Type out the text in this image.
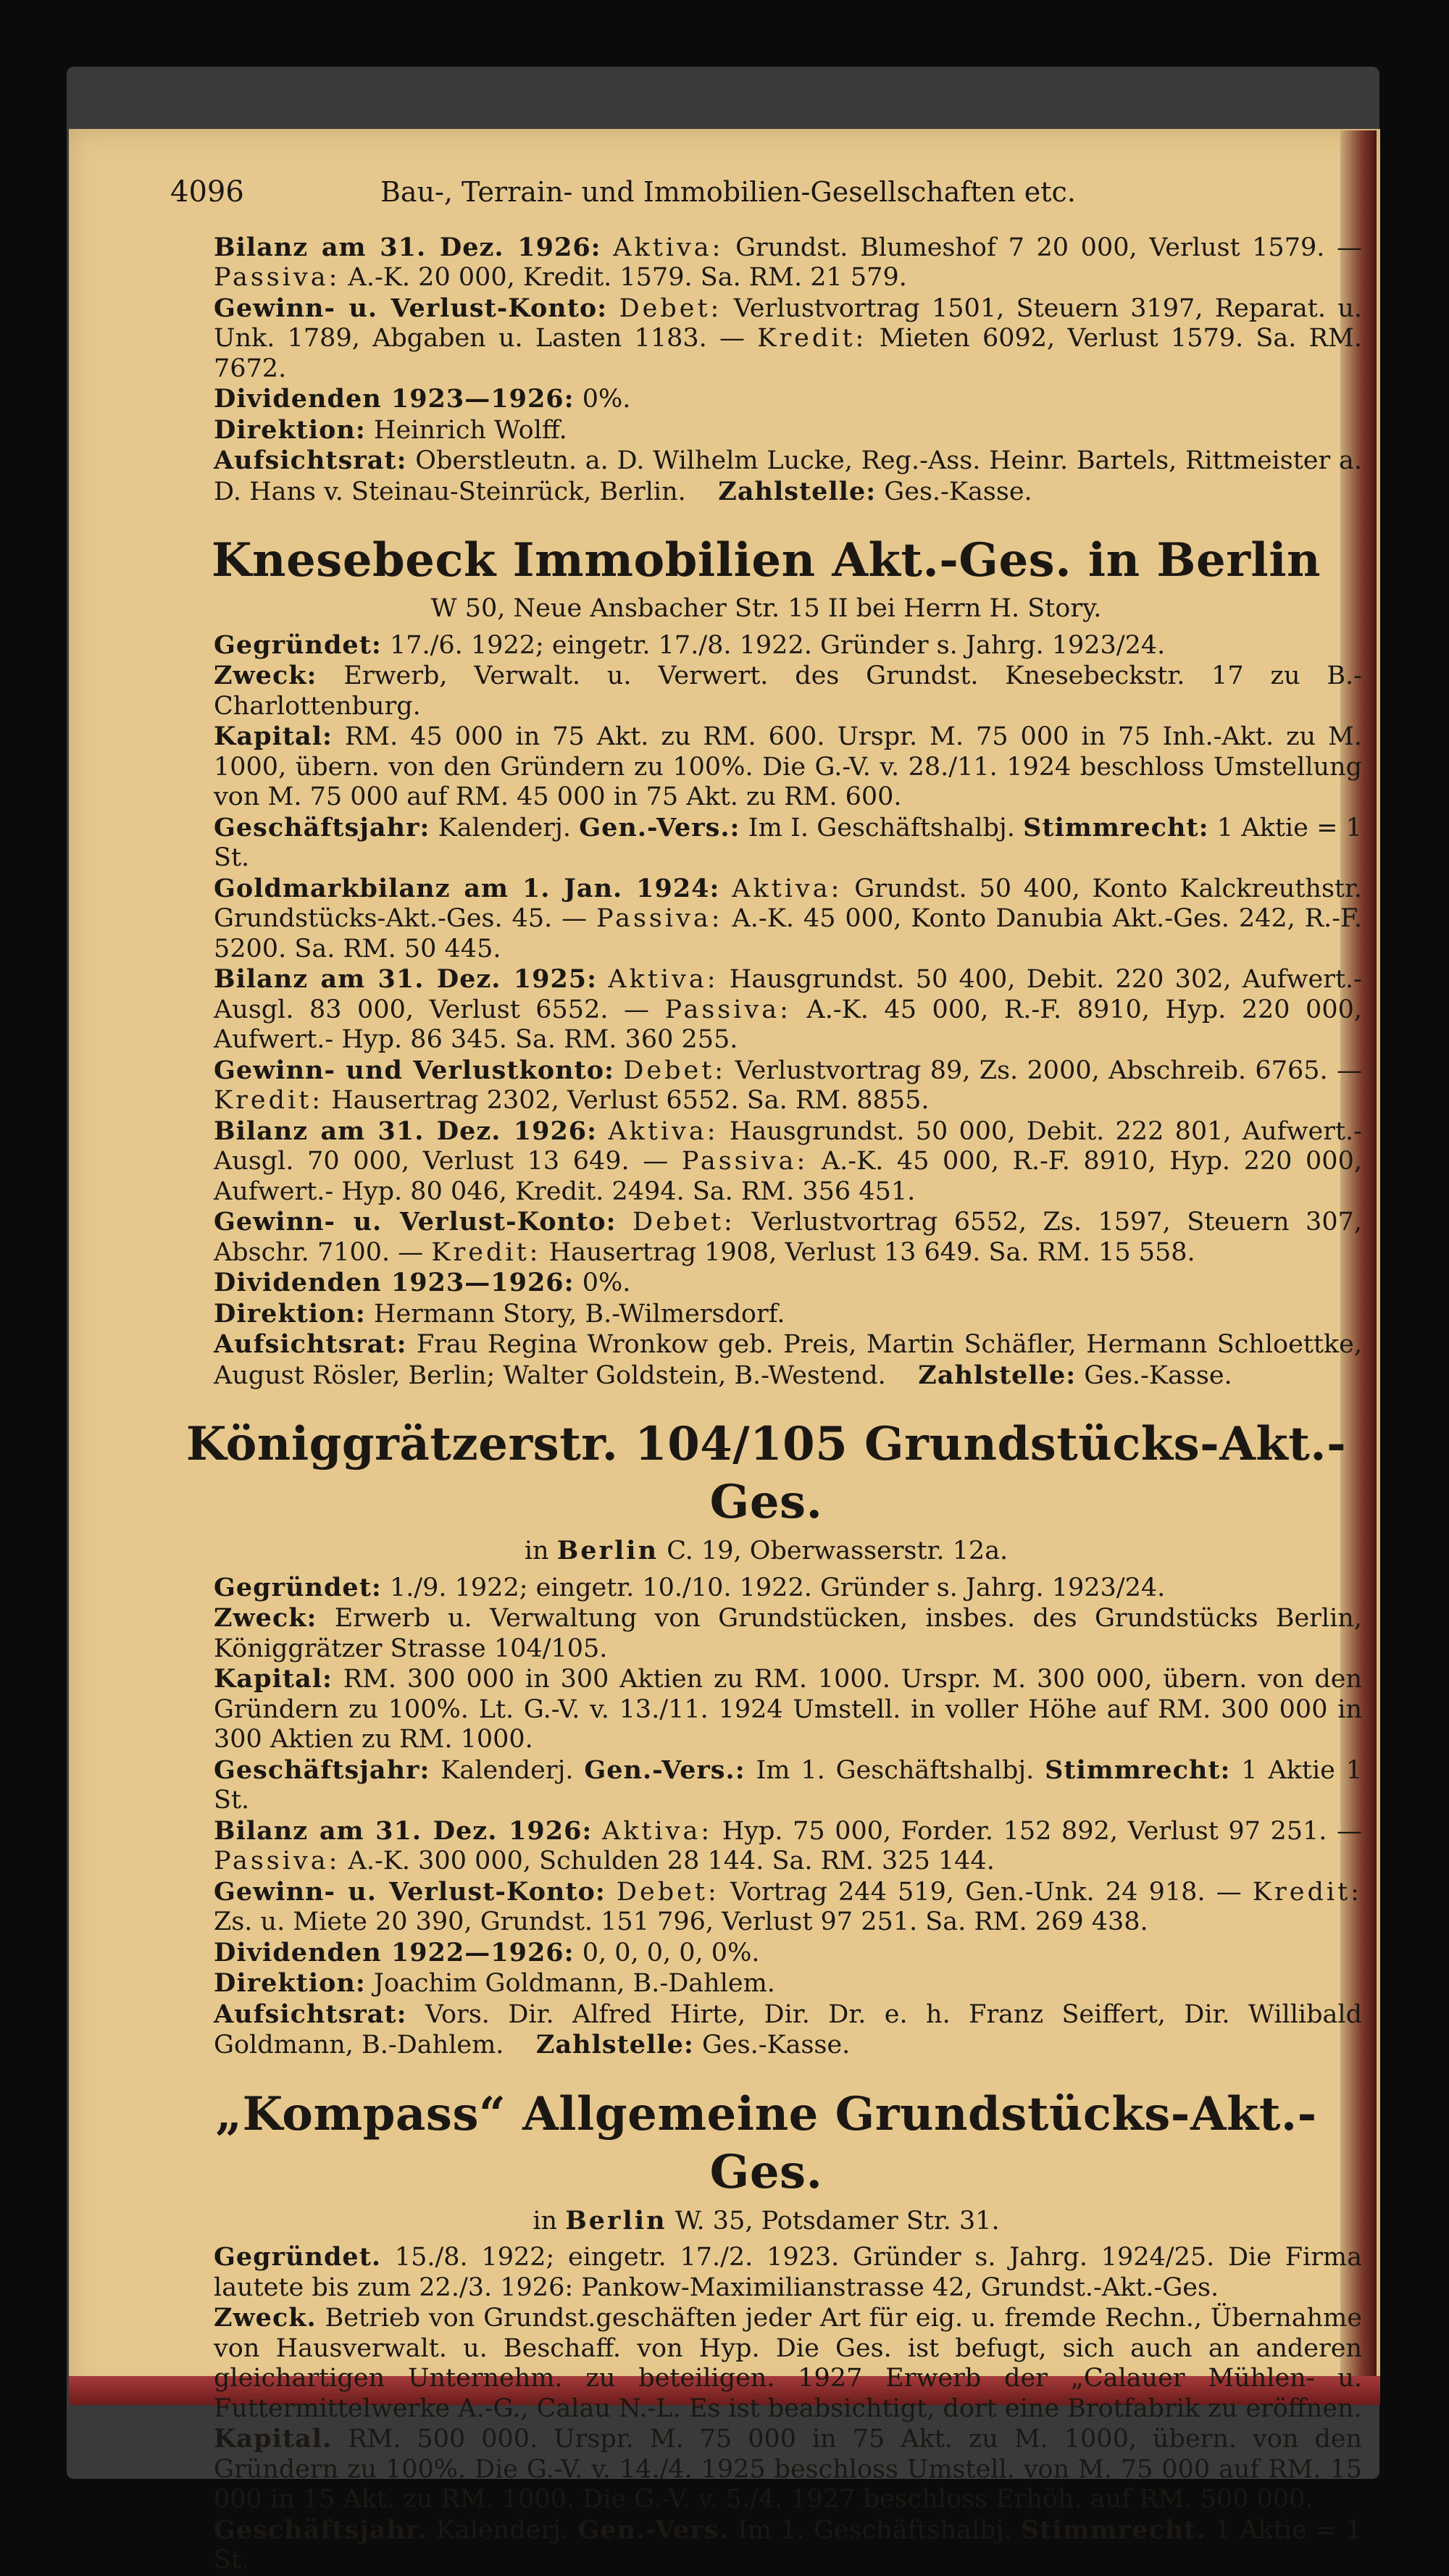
4096	Bau-, Terrain- und Immobilien-Gesellschaften etc.

Bilanz am 31. Dez. 1926: Aktiva: Grundst. Blumeshof 7 20 000, Verlust 1579. — Passiva: A.-K. 20 000, Kredit. 1579. Sa. RM. 21 579.

Gewinn- u. Verlust-Konto: Debet: Verlustvortrag 1501, Steuern 3197, Reparat. u. Unk. 1789, Abgaben u. Lasten 1183. — Kredit: Mieten 6092, Verlust 1579. Sa. RM. 7672.

Dividenden 1923—1926: 0%.

Direktion: Heinrich Wolff.

Aufsichtsrat: Oberstleutn. a. D. Wilhelm Lucke, Reg.-Ass. Heinr. Bartels, Rittmeister a. D. Hans v. Steinau-Steinrück, Berlin. Zahlstelle: Ges.-Kasse.

Knesebeck Immobilien Akt.-Ges. in Berlin
W 50, Neue Ansbacher Str. 15 II bei Herrn H. Story.

Gegründet: 17./6. 1922; eingetr. 17./8. 1922. Gründer s. Jahrg. 1923/24.

Zweck: Erwerb, Verwalt. u. Verwert. des Grundst. Knesebeckstr. 17 zu B.-Charlottenburg.

Kapital: RM. 45 000 in 75 Akt. zu RM. 600. Urspr. M. 75 000 in 75 Inh.-Akt. zu M. 1000, übern. von den Gründern zu 100%. Die G.-V. v. 28./11. 1924 beschloss Umstellung von M. 75 000 auf RM. 45 000 in 75 Akt. zu RM. 600.

Geschäftsjahr: Kalenderj. Gen.-Vers.: Im I. Geschäftshalbj. Stimmrecht: 1 Aktie = 1 St.

Goldmarkbilanz am 1. Jan. 1924: Aktiva: Grundst. 50 400, Konto Kalckreuthstr. Grundstücks-Akt.-Ges. 45. — Passiva: A.-K. 45 000, Konto Danubia Akt.-Ges. 242, R.-F. 5200. Sa. RM. 50 445.

Bilanz am 31. Dez. 1925: Aktiva: Hausgrundst. 50 400, Debit. 220 302, Aufwert.- Ausgl. 83 000, Verlust 6552. — Passiva: A.-K. 45 000, R.-F. 8910, Hyp. 220 000, Aufwert.- Hyp. 86 345. Sa. RM. 360 255.

Gewinn- und Verlustkonto: Debet: Verlustvortrag 89, Zs. 2000, Abschreib. 6765. — Kredit: Hausertrag 2302, Verlust 6552. Sa. RM. 8855.

Bilanz am 31. Dez. 1926: Aktiva: Hausgrundst. 50 000, Debit. 222 801, Aufwert.- Ausgl. 70 000, Verlust 13 649. — Passiva: A.-K. 45 000, R.-F. 8910, Hyp. 220 000, Aufwert.- Hyp. 80 046, Kredit. 2494. Sa. RM. 356 451.

Gewinn- u. Verlust-Konto: Debet: Verlustvortrag 6552, Zs. 1597, Steuern 307, Abschr. 7100. — Kredit: Hausertrag 1908, Verlust 13 649. Sa. RM. 15 558.

Dividenden 1923—1926: 0%.

Direktion: Hermann Story, B.-Wilmersdorf.

Aufsichtsrat: Frau Regina Wronkow geb. Preis, Martin Schäfler, Hermann Schloettke, August Rösler, Berlin; Walter Goldstein, B.-Westend. Zahlstelle: Ges.-Kasse.

Königgrätzerstr. 104/105 Grundstücks-Akt.-Ges.
in Berlin C. 19, Oberwasserstr. 12a.

Gegründet: 1./9. 1922; eingetr. 10./10. 1922. Gründer s. Jahrg. 1923/24.

Zweck: Erwerb u. Verwaltung von Grundstücken, insbes. des Grundstücks Berlin, Königgrätzer Strasse 104/105.

Kapital: RM. 300 000 in 300 Aktien zu RM. 1000. Urspr. M. 300 000, übern. von den Gründern zu 100%. Lt. G.-V. v. 13./11. 1924 Umstell. in voller Höhe auf RM. 300 000 in 300 Aktien zu RM. 1000.

Geschäftsjahr: Kalenderj. Gen.-Vers.: Im 1. Geschäftshalbj. Stimmrecht: 1 Aktie 1 St.

Bilanz am 31. Dez. 1926: Aktiva: Hyp. 75 000, Forder. 152 892, Verlust 97 251. — Passiva: A.-K. 300 000, Schulden 28 144. Sa. RM. 325 144.

Gewinn- u. Verlust-Konto: Debet: Vortrag 244 519, Gen.-Unk. 24 918. — Kredit: Zs. u. Miete 20 390, Grundst. 151 796, Verlust 97 251. Sa. RM. 269 438.

Dividenden 1922—1926: 0, 0, 0, 0, 0%.

Direktion: Joachim Goldmann, B.-Dahlem.

Aufsichtsrat: Vors. Dir. Alfred Hirte, Dir. Dr. e. h. Franz Seiffert, Dir. Willibald Goldmann, B.-Dahlem. Zahlstelle: Ges.-Kasse.

„Kompass“ Allgemeine Grundstücks-Akt.-Ges.
in Berlin W. 35, Potsdamer Str. 31.

Gegründet. 15./8. 1922; eingetr. 17./2. 1923. Gründer s. Jahrg. 1924/25. Die Firma lautete bis zum 22./3. 1926: Pankow-Maximilianstrasse 42, Grundst.-Akt.-Ges.

Zweck. Betrieb von Grundst.geschäften jeder Art für eig. u. fremde Rechn., Übernahme von Hausverwalt. u. Beschaff. von Hyp. Die Ges. ist befugt, sich auch an anderen gleichartigen Unternehm. zu beteiligen. 1927 Erwerb der „Calauer Mühlen- u. Futtermittelwerke A.-G., Calau N.-L. Es ist beabsichtigt, dort eine Brotfabrik zu eröffnen.

Kapital. RM. 500 000. Urspr. M. 75 000 in 75 Akt. zu M. 1000, übern. von den Gründern zu 100%. Die G.-V. v. 14./4. 1925 beschloss Umstell. von M. 75 000 auf RM. 15 000 in 15 Akt. zu RM. 1000. Die G.-V. v. 5./4. 1927 beschloss Erhöh. auf RM. 500 000.

Geschäftsjahr. Kalenderj. Gen.-Vers. Im 1. Geschäftshalbj. Stimmrecht. 1 Aktie = 1 St.
